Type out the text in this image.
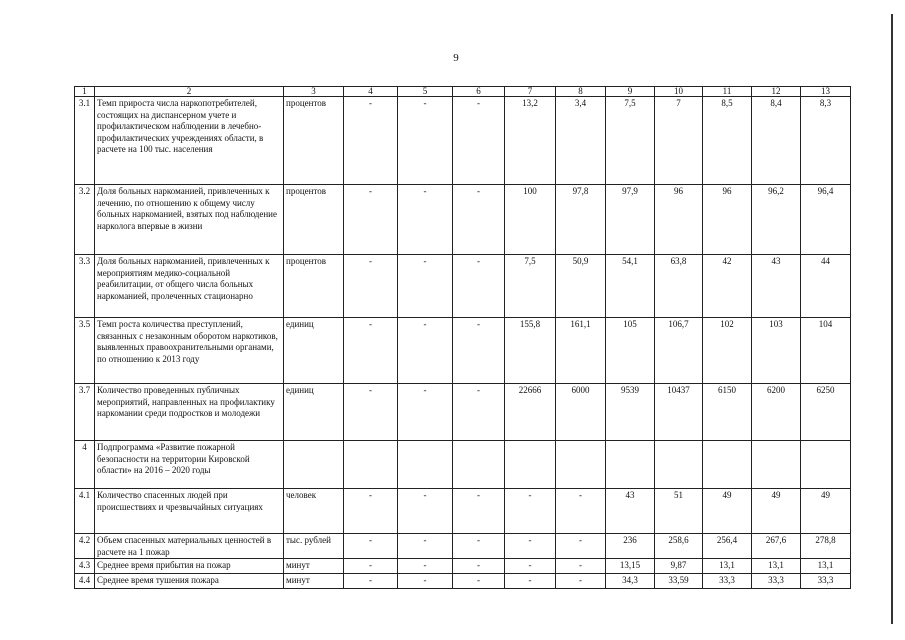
9
1	2	3	4	5	6	7	8	9	10	11	12	13
3.1	Темп прироста числа наркопотребителей, состоящих на диспансерном учете и профилактическом наблюдении в лечебно-профилактических учреждениях области, в расчете на 100 тыс. населения	процентов	-	-	-	13,2	3,4	7,5	7	8,5	8,4	8,3
3.2	Доля больных наркоманией, привлеченных к лечению, по отношению к общему числу больных наркоманией, взятых под наблюдение нарколога впервые в жизни	процентов	-	-	-	100	97,8	97,9	96	96	96,2	96,4
3.3	Доля больных наркоманией, привлеченных к мероприятиям медико-социальной реабилитации, от общего числа больных наркоманией, пролеченных стационарно	процентов	-	-	-	7,5	50,9	54,1	63,8	42	43	44
3.5	Темп роста количества преступлений, связанных с незаконным оборотом наркотиков, выявленных правоохранительными органами, по отношению к 2013 году	единиц	-	-	-	155,8	161,1	105	106,7	102	103	104
3.7	Количество проведенных публичных мероприятий, направленных на профилактику наркомании среди подростков и молодежи	единиц	-	-	-	22666	6000	9539	10437	6150	6200	6250
4	Подпрограмма «Развитие пожарной безопасности на территории Кировской области» на 2016 – 2020 годы											
4.1	Количество спасенных людей при происшествиях и чрезвычайных ситуациях	человек	-	-	-	-	-	43	51	49	49	49
4.2	Объем спасенных материальных ценностей в расчете на 1 пожар	тыс. рублей	-	-	-	-	-	236	258,6	256,4	267,6	278,8
4.3	Среднее время прибытия на пожар	минут	-	-	-	-	-	13,15	9,87	13,1	13,1	13,1
4.4	Среднее время тушения пожара	минут	-	-	-	-	-	34,3	33,59	33,3	33,3	33,3
